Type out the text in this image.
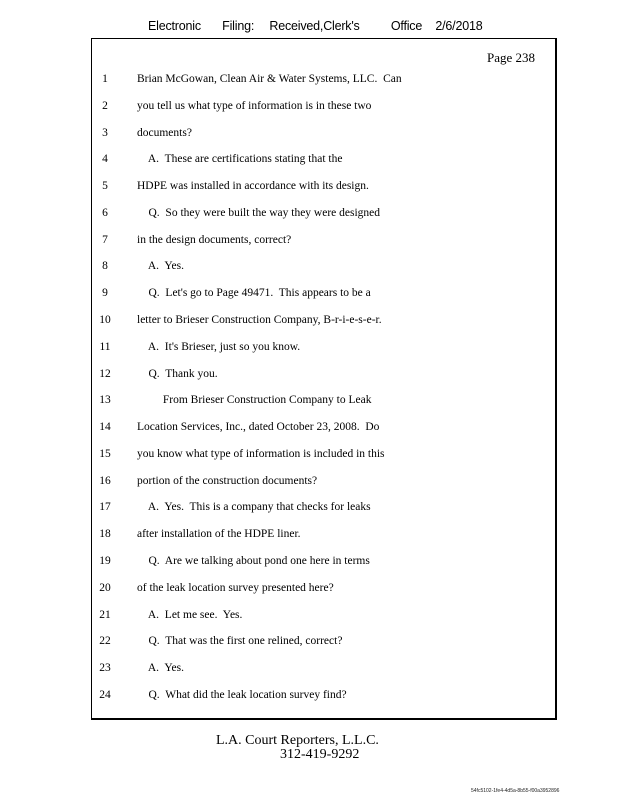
Electronic Filing: Received,Clerk's	Office 2/6/2018
Page 238
1	Brian McGowan, Clean Air & Water Systems, LLC.  Can
2	you tell us what type of information is in these two
3	documents?
4	A.  These are certifications stating that the
5	HDPE was installed in accordance with its design.
6	Q.  So they were built the way they were designed
7	in the design documents, correct?
8	A.  Yes.
9	Q.  Let's go to Page 49471.  This appears to be a
10	letter to Brieser Construction Company, B-r-i-e-s-e-r.
11	A.  It's Brieser, just so you know.
12	Q.  Thank you.
13	From Brieser Construction Company to Leak
14	Location Services, Inc., dated October 23, 2008.  Do
15	you know what type of information is included in this
16	portion of the construction documents?
17	A.  Yes.  This is a company that checks for leaks
18	after installation of the HDPE liner.
19	Q.  Are we talking about pond one here in terms
20	of the leak location survey presented here?
21	A.  Let me see.  Yes.
22	Q.  That was the first one relined, correct?
23	A.  Yes.
24	Q.  What did the leak location survey find?
L.A. Court Reporters, L.L.C.
312-419-9292
54fc5102-1fe4-4d5a-8b55-f00a3952896
